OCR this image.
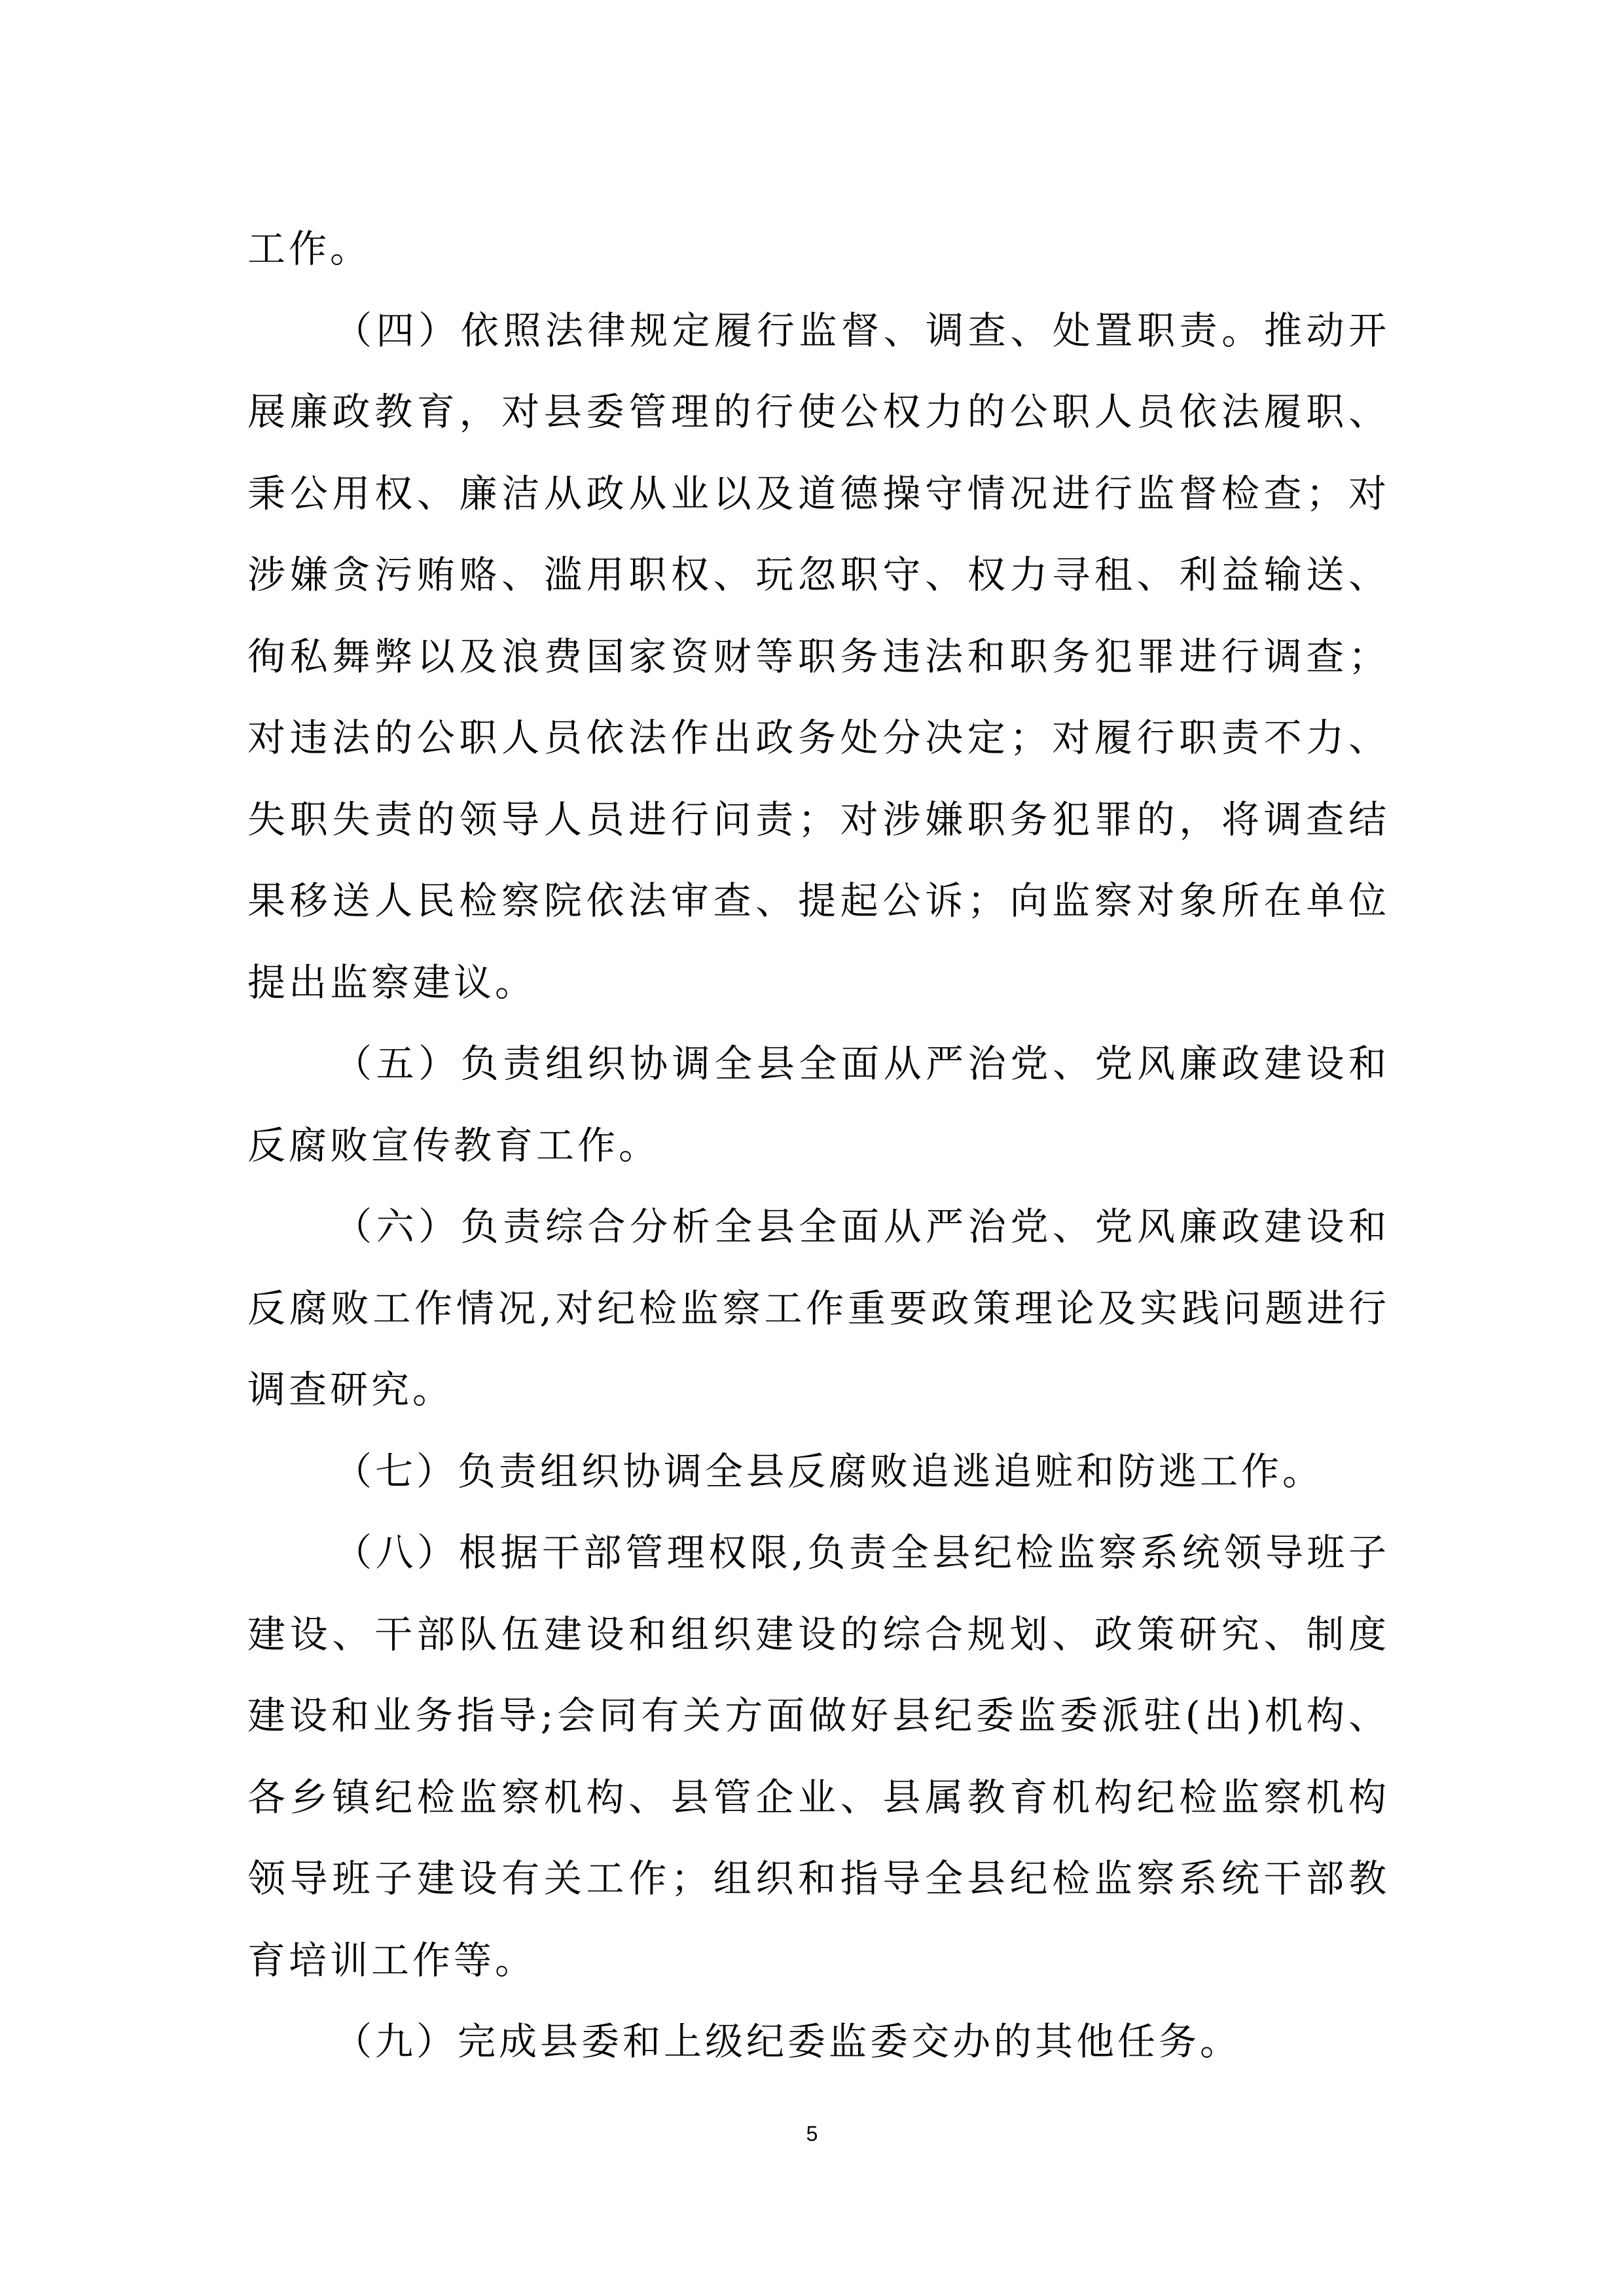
工作。

（四）依照法律规定履行监督、调查、处置职责。推动开展廉政教育，对县委管理的行使公权力的公职人员依法履职、秉公用权、廉洁从政从业以及道德操守情况进行监督检查；对涉嫌贪污贿赂、滥用职权、玩忽职守、权力寻租、利益输送、徇私舞弊以及浪费国家资财等职务违法和职务犯罪进行调查；对违法的公职人员依法作出政务处分决定；对履行职责不力、失职失责的领导人员进行问责；对涉嫌职务犯罪的，将调查结果移送人民检察院依法审查、提起公诉；向监察对象所在单位提出监察建议。

（五）负责组织协调全县全面从严治党、党风廉政建设和反腐败宣传教育工作。

（六）负责综合分析全县全面从严治党、党风廉政建设和反腐败工作情况,对纪检监察工作重要政策理论及实践问题进行调查研究。

（七）负责组织协调全县反腐败追逃追赃和防逃工作。

（八）根据干部管理权限,负责全县纪检监察系统领导班子建设、干部队伍建设和组织建设的综合规划、政策研究、制度建设和业务指导;会同有关方面做好县纪委监委派驻(出)机构、各乡镇纪检监察机构、县管企业、县属教育机构纪检监察机构领导班子建设有关工作；组织和指导全县纪检监察系统干部教育培训工作等。

（九）完成县委和上级纪委监委交办的其他任务。

5
